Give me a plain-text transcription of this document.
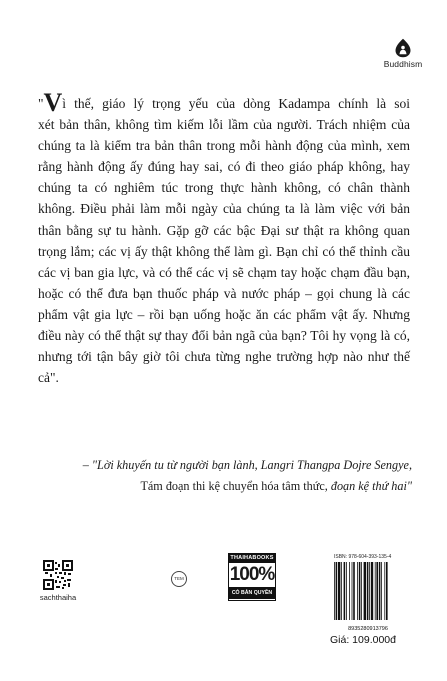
Buddhism
"Vì thế, giáo lý trọng yếu của dòng Kadampa chính là soi
xét bản thân, không tìm kiếm lỗi lầm của người. Trách nhiệm của chúng ta là kiểm tra bản thân trong mỗi hành động của mình, xem rằng hành động ấy đúng hay sai, có đi theo giáo pháp không, hay chúng ta có nghiêm túc trong thực hành không, có chân thành không. Điều phải làm mỗi ngày của chúng ta là làm việc với bản thân bằng sự tu hành. Gặp gỡ các bậc Đại sư thật ra không quan trọng lắm; các vị ấy thật không thể làm gì. Bạn chỉ có thể thỉnh cầu các vị ban gia lực, và có thể các vị sẽ chạm tay hoặc chạm đầu bạn, hoặc có thể đưa bạn thuốc pháp và nước pháp – gọi chung là các phẩm vật gia lực – rồi bạn uống hoặc ăn các phẩm vật ấy. Nhưng điều này có thể thật sự thay đổi bản ngã của bạn? Tôi hy vọng là có, nhưng tới tận bây giờ tôi chưa từng nghe trường hợp nào như thế cả".
– "Lời khuyến tu từ người bạn lành, Langri Thangpa Dojre Sengye,
Tám đoạn thi kệ chuyển hóa tâm thức, đoạn kệ thứ hai"
sachthaiha
TEM
THAIHABOOKS
100%
CÓ BẢN QUYỀN
ISBN: 978-604-393-135-4
8935280913796
Giá: 109.000đ
